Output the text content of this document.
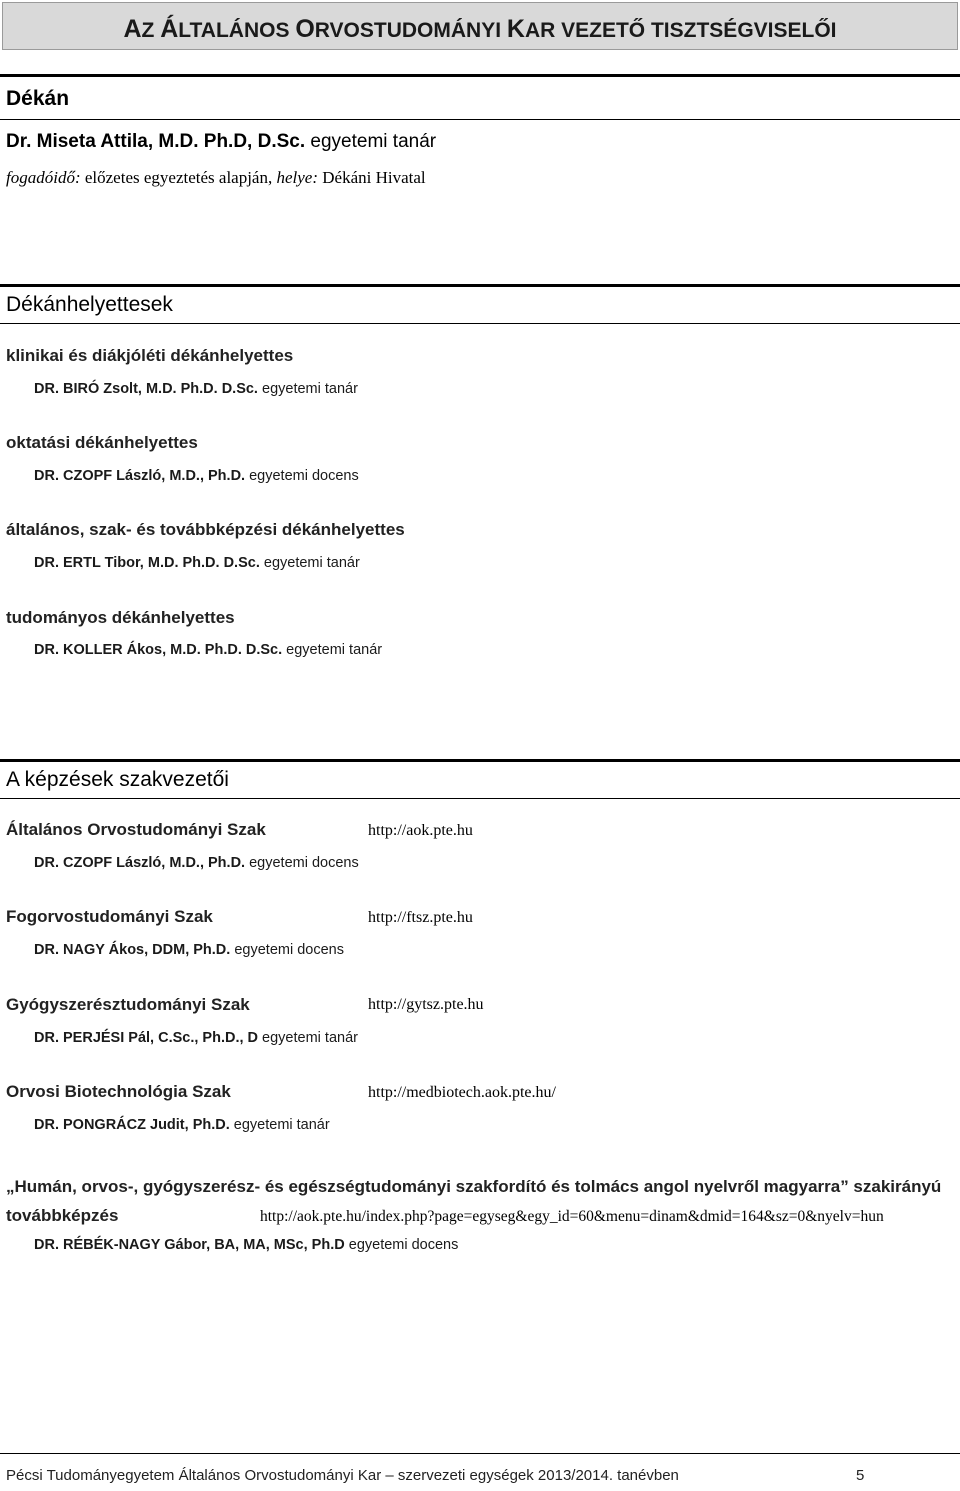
AZ ÁLTALÁNOS ORVOSTUDOMÁNYI KAR VEZETŐ TISZTSÉGVISELŐI
Dékán
Dr. Miseta Attila, M.D. Ph.D, D.Sc. egyetemi tanár
fogadóidő: előzetes egyeztetés alapján, helye: Dékáni Hivatal
Dékánhelyettesek
klinikai és diákjóléti dékánhelyettes
DR. BIRÓ Zsolt, M.D. Ph.D. D.Sc. egyetemi tanár
oktatási dékánhelyettes
DR. CZOPF László, M.D., Ph.D. egyetemi docens
általános, szak- és továbbképzési dékánhelyettes
DR. ERTL Tibor, M.D. Ph.D. D.Sc. egyetemi tanár
tudományos dékánhelyettes
DR. KOLLER Ákos, M.D. Ph.D. D.Sc. egyetemi tanár
A képzések szakvezetői
Általános Orvostudományi Szak	http://aok.pte.hu
DR. CZOPF László, M.D., Ph.D. egyetemi docens
Fogorvostudományi Szak	http://ftsz.pte.hu
DR. NAGY Ákos, DDM, Ph.D. egyetemi docens
Gyógyszerésztudományi Szak	http://gytsz.pte.hu
DR. PERJÉSI Pál, C.Sc., Ph.D., D egyetemi tanár
Orvosi Biotechnológia Szak	http://medbiotech.aok.pte.hu/
DR. PONGRÁCZ Judit, Ph.D. egyetemi tanár
„Humán, orvos-, gyógyszerész- és egészségtudományi szakfordító és tolmács angol nyelvről magyarra” szakirányú
továbbképzés	http://aok.pte.hu/index.php?page=egyseg&egy_id=60&menu=dinam&dmid=164&sz=0&nyelv=hun
DR. RÉBÉK-NAGY Gábor, BA, MA, MSc, Ph.D egyetemi docens
Pécsi Tudományegyetem Általános Orvostudományi Kar – szervezeti egységek 2013/2014. tanévben	5
